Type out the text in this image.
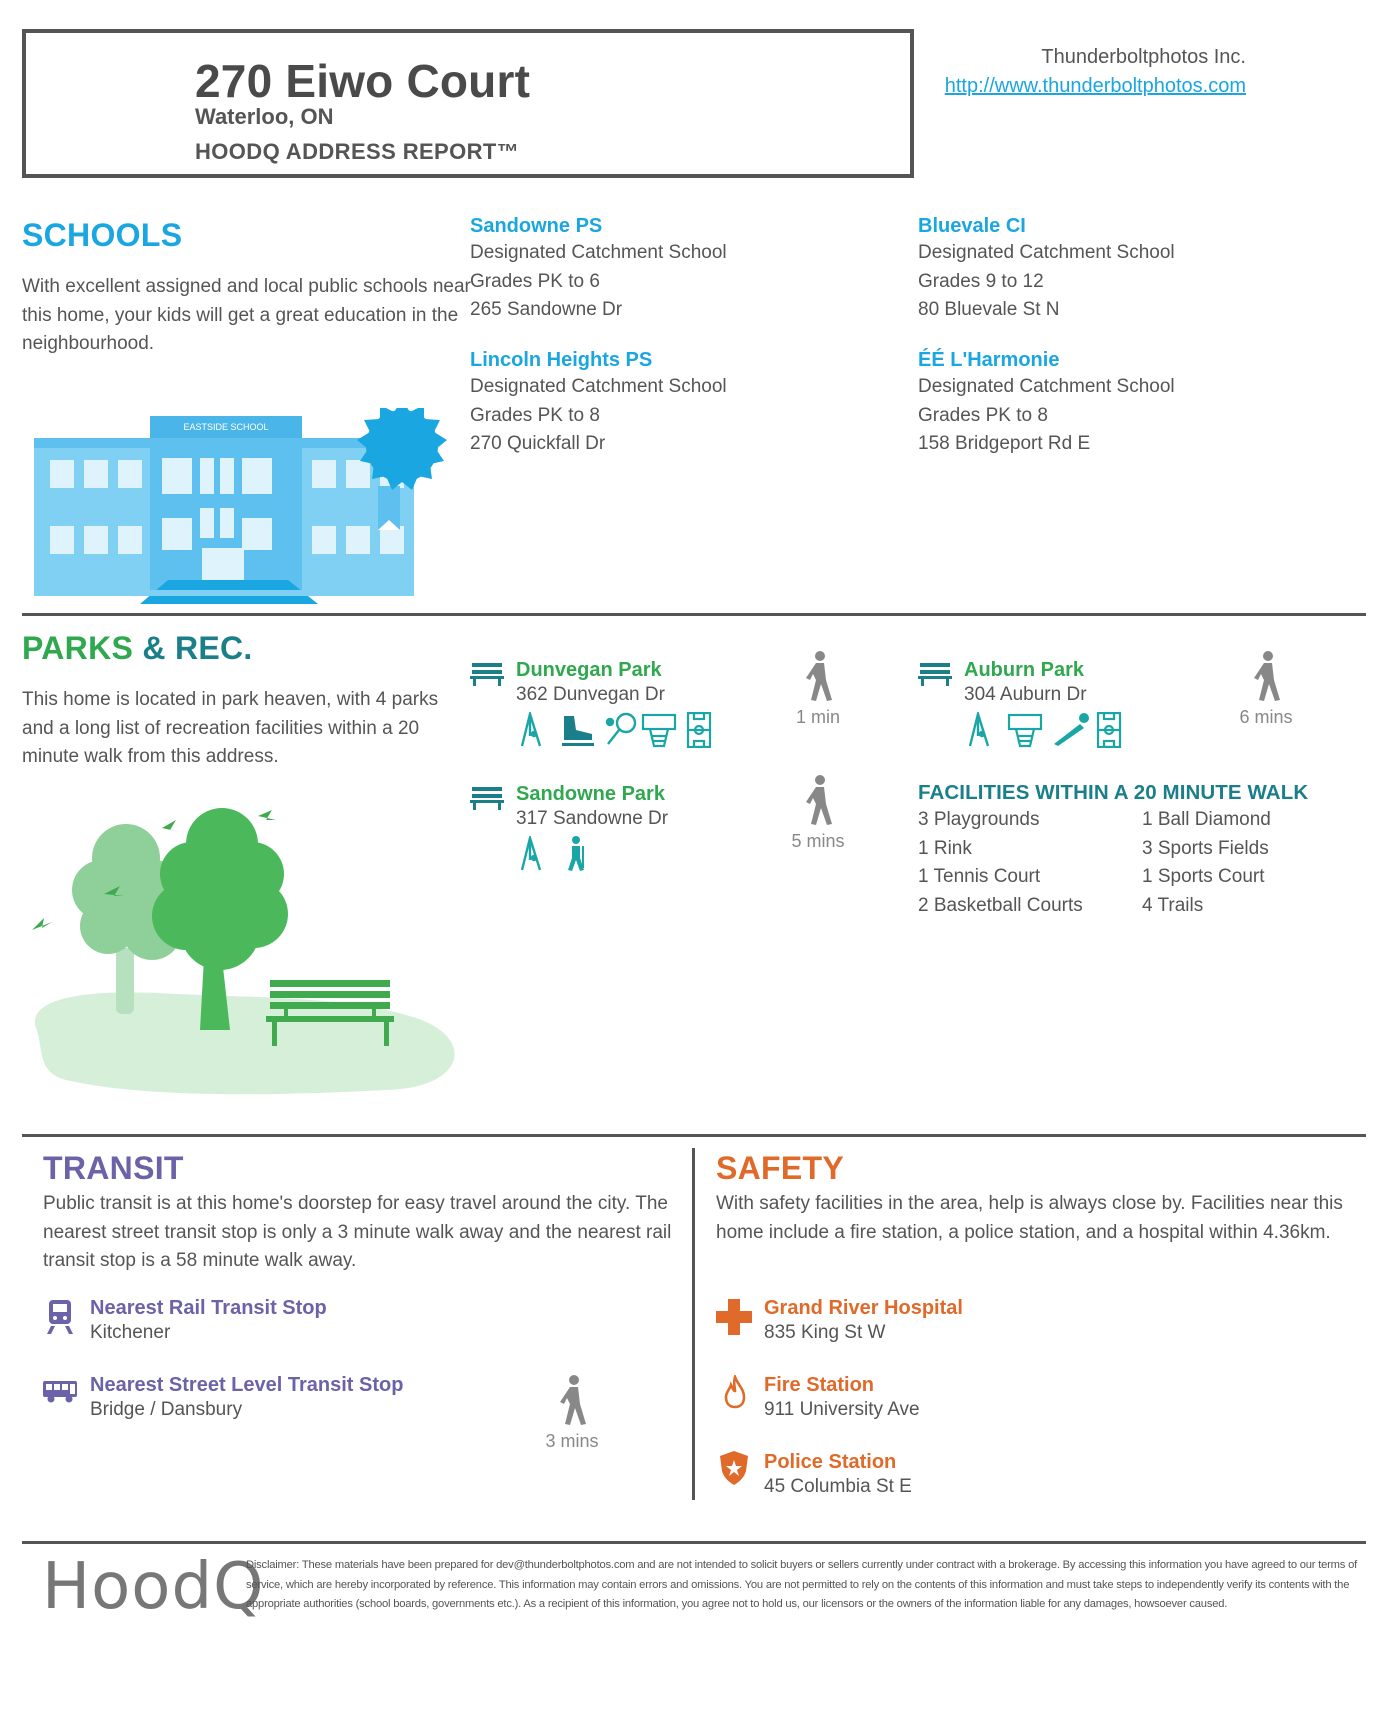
270 Eiwo Court
Waterloo, ON
HOODQ ADDRESS REPORT™
Thunderboltphotos Inc.
http://www.thunderboltphotos.com
SCHOOLS
With excellent assigned and local public schools near this home, your kids will get a great education in the neighbourhood.
EASTSIDE SCHOOL
Sandowne PS
Designated Catchment School
Grades PK to 6
265 Sandowne Dr
Bluevale CI
Designated Catchment School
Grades 9 to 12
80 Bluevale St N
Lincoln Heights PS
Designated Catchment School
Grades PK to 8
270 Quickfall Dr
ÉÉ L'Harmonie
Designated Catchment School
Grades PK to 8
158 Bridgeport Rd E
PARKS & REC.
This home is located in park heaven, with 4 parks and a long list of recreation facilities within a 20 minute walk from this address.
Dunvegan Park
362 Dunvegan Dr
1 min
Auburn Park
304 Auburn Dr
6 mins
Sandowne Park
317 Sandowne Dr
5 mins
FACILITIES WITHIN A 20 MINUTE WALK
3 Playgrounds
1 Rink
1 Tennis Court
2 Basketball Courts
1 Ball Diamond
3 Sports Fields
1 Sports Court
4 Trails
TRANSIT
Public transit is at this home's doorstep for easy travel around the city. The nearest street transit stop is only a 3 minute walk away and the nearest rail transit stop is a 58 minute walk away.
Nearest Rail Transit Stop
Kitchener
Nearest Street Level Transit Stop
Bridge / Dansbury
3 mins
SAFETY
With safety facilities in the area, help is always close by. Facilities near this home include a fire station, a police station, and a hospital within 4.36km.
Grand River Hospital
835 King St W
Fire Station
911 University Ave
Police Station
45 Columbia St E
HoodQ
Disclaimer: These materials have been prepared for dev@thunderboltphotos.com and are not intended to solicit buyers or sellers currently under contract with a brokerage. By accessing this information you have agreed to our terms of service, which are hereby incorporated by reference. This information may contain errors and omissions. You are not permitted to rely on the contents of this information and must take steps to independently verify its contents with the appropriate authorities (school boards, governments etc.). As a recipient of this information, you agree not to hold us, our licensors or the owners of the information liable for any damages, howsoever caused.
